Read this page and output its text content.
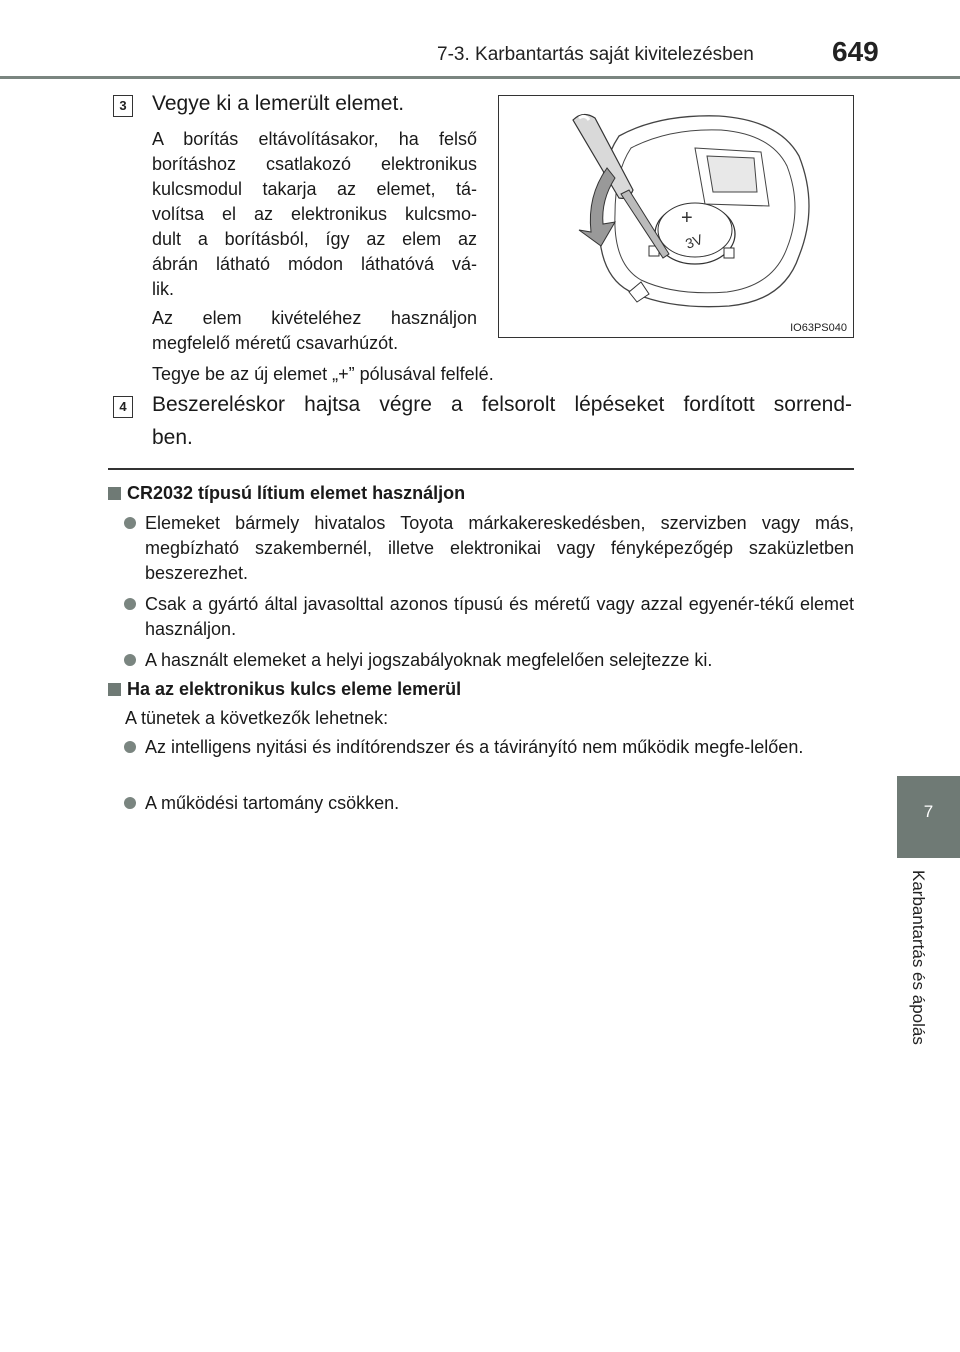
7-3. Karbantartás saját kivitelezésben	649
7
Karbantartás és ápolás
3	Vegye ki a lemerült elemet.
A borítás eltávolításakor, ha felső
borításhoz csatlakozó elektronikus
kulcsmodul takarja az elemet, tá-
volítsa el az elektronikus kulcsmo-
dult a borításból, így az elem az
ábrán látható módon láthatóvá vá-
lik.
Az elem kivételéhez használjon
megfelelő méretű csavarhúzót.
Tegye be az új elemet „+” pólusával felfelé.
+
3V
IO63PS040
4	Beszereléskor hajtsa végre a felsorolt lépéseket fordított sorrend-
ben.
CR2032 típusú lítium elemet használjon
Elemeket bármely hivatalos Toyota márkakereskedésben, szervizben vagy más, megbízható szakembernél, illetve elektronikai vagy fényképezőgép szaküzletben beszerezhet.
Csak a gyártó által javasolttal azonos típusú és méretű vagy azzal egyenér-tékű elemet használjon.
A használt elemeket a helyi jogszabályoknak megfelelően selejtezze ki.
Ha az elektronikus kulcs eleme lemerül
A tünetek a következők lehetnek:
Az intelligens nyitási és indítórendszer és a távirányító nem működik megfe-lelően.
A működési tartomány csökken.
